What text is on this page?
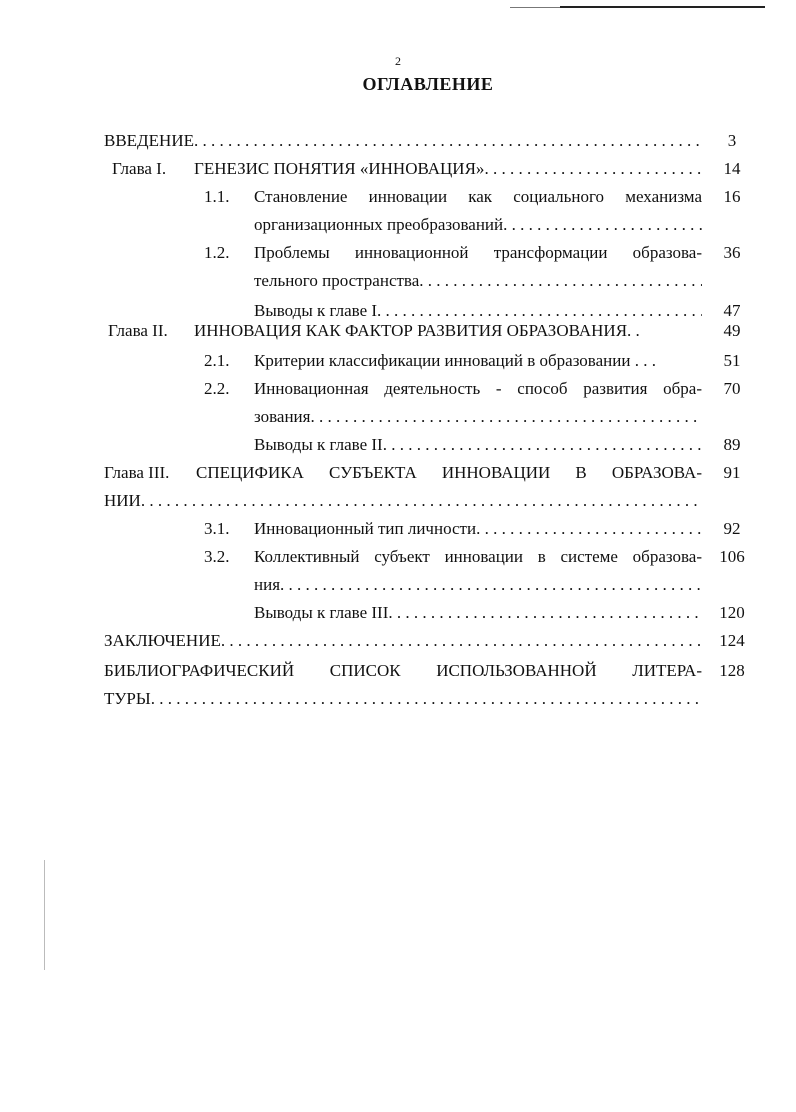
2
ОГЛАВЛЕНИЕ
ВВЕДЕНИЕ . . .	3
Глава I. ГЕНЕЗИС ПОНЯТИЯ «ИННОВАЦИЯ» . . .	14
1.1. Становление инновации как социального механизма	16
организационных преобразований
. . .
1.2. Проблемы инновационной трансформации образова-	36
тельного пространства
. . .
Выводы к главе I . . .	47
Глава II. ИННОВАЦИЯ КАК ФАКТОР РАЗВИТИЯ ОБРАЗОВАНИЯ. .	49
2.1. Критерии классификации инноваций в образовании . . .	51
2.2. Инновационная деятельность - способ развития обра-	70
зования
. . .
Выводы к главе II . . .	89
Глава III. СПЕЦИФИКА СУБЪЕКТА ИННОВАЦИИ В ОБРАЗОВА-	91
НИИ
. . .
3.1. Инновационный тип личности . . .	92
3.2. Коллективный субъект инновации в системе образова-	106
ния
. . .
Выводы к главе III . . .	120
ЗАКЛЮЧЕНИЕ . . .	124
БИБЛИОГРАФИЧЕСКИЙ СПИСОК ИСПОЛЬЗОВАННОЙ ЛИТЕРА-	128
ТУРЫ
. . .
